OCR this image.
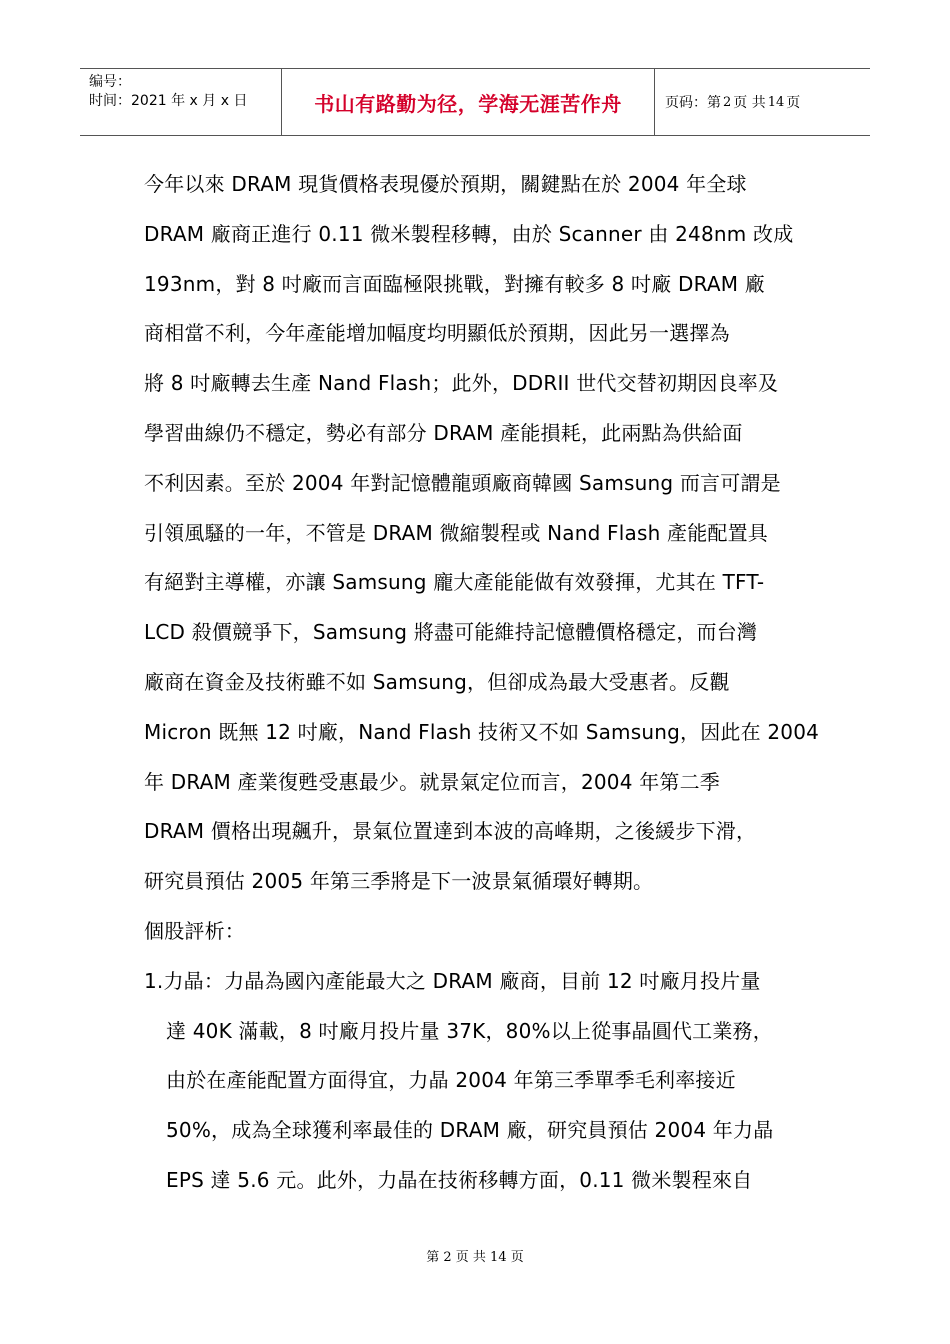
编号：
时间：2021 年 x 月 x 日	书山有路勤为径，学海无涯苦作舟	页码：第 2 页 共 14 页
今年以來 DRAM 現貨價格表現優於預期，關鍵點在於 2004 年全球
DRAM 廠商正進行 0.11 微米製程移轉，由於 Scanner 由 248nm 改成
193nm，對 8 吋廠而言面臨極限挑戰，對擁有較多 8 吋廠 DRAM 廠
商相當不利，今年產能增加幅度均明顯低於預期，因此另一選擇為
將 8 吋廠轉去生產 Nand Flash；此外，DDRII 世代交替初期因良率及
學習曲線仍不穩定，勢必有部分 DRAM 產能損耗，此兩點為供給面
不利因素。至於 2004 年對記憶體龍頭廠商韓國 Samsung 而言可謂是
引領風騷的一年，不管是 DRAM 微縮製程或 Nand Flash 產能配置具
有絕對主導權，亦讓 Samsung 龐大產能能做有效發揮，尤其在 TFT-
LCD 殺價競爭下，Samsung 將盡可能維持記憶體價格穩定，而台灣
廠商在資金及技術雖不如 Samsung，但卻成為最大受惠者。反觀
Micron 既無 12 吋廠，Nand Flash 技術又不如 Samsung，因此在 2004
年 DRAM 產業復甦受惠最少。就景氣定位而言，2004 年第二季
DRAM 價格出現飆升，景氣位置達到本波的高峰期，之後緩步下滑，
研究員預估 2005 年第三季將是下一波景氣循環好轉期。
個股評析：
1.力晶：力晶為國內產能最大之 DRAM 廠商，目前 12 吋廠月投片量
達 40K 滿載，8 吋廠月投片量 37K，80%以上從事晶圓代工業務，
由於在產能配置方面得宜，力晶 2004 年第三季單季毛利率接近
50%，成為全球獲利率最佳的 DRAM 廠，研究員預估 2004 年力晶
EPS 達 5.6 元。此外，力晶在技術移轉方面，0.11 微米製程來自
第 2 页 共 14 页
